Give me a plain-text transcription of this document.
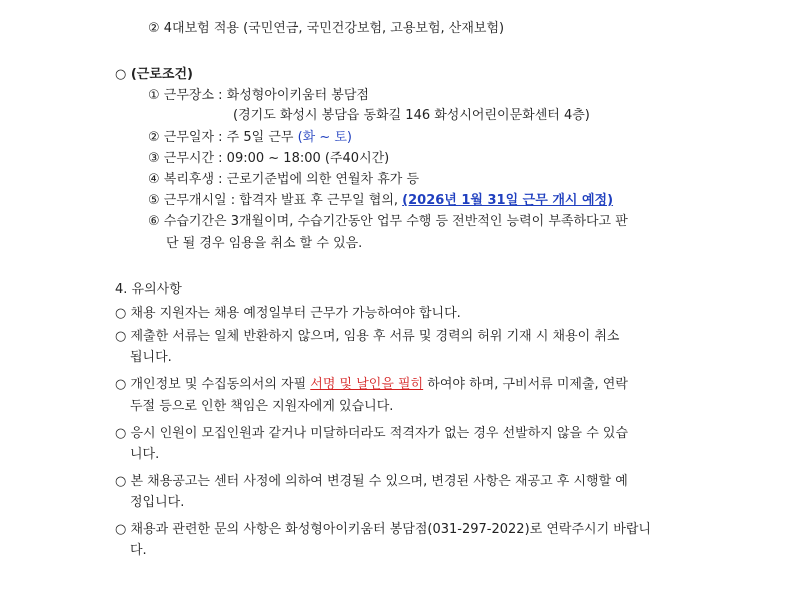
② 4대보험 적용 (국민연금, 국민건강보험, 고용보험, 산재보험)
○ (근로조건)
① 근무장소 : 화성형아이키움터 봉담점
(경기도 화성시 봉담읍 동화길 146 화성시어린이문화센터 4층)
② 근무일자 : 주 5일 근무 (화 ~ 토)
③ 근무시간 : 09:00 ~ 18:00 (주40시간)
④ 복리후생 : 근로기준법에 의한 연월차 휴가 등
⑤ 근무개시일 : 합격자 발표 후 근무일 협의, (2026년 1월 31일 근무 개시 예정)
⑥ 수습기간은 3개월이며, 수습기간동안 업무 수행 등 전반적인 능력이 부족하다고 판
단 될 경우 임용을 취소 할 수 있음.
4. 유의사항
○ 채용 지원자는 채용 예정일부터 근무가 가능하여야 합니다.
○ 제출한 서류는 일체 반환하지 않으며, 임용 후 서류 및 경력의 허위 기재 시 채용이 취소
됩니다.
○ 개인정보 및 수집동의서의 자필 서명 및 날인을 필히 하여야 하며, 구비서류 미제출, 연락
두절 등으로 인한 책임은 지원자에게 있습니다.
○ 응시 인원이 모집인원과 같거나 미달하더라도 적격자가 없는 경우 선발하지 않을 수 있습
니다.
○ 본 채용공고는 센터 사정에 의하여 변경될 수 있으며, 변경된 사항은 재공고 후 시행할 예
정입니다.
○ 채용과 관련한 문의 사항은 화성형아이키움터 봉담점(031-297-2022)로 연락주시기 바랍니
다.
